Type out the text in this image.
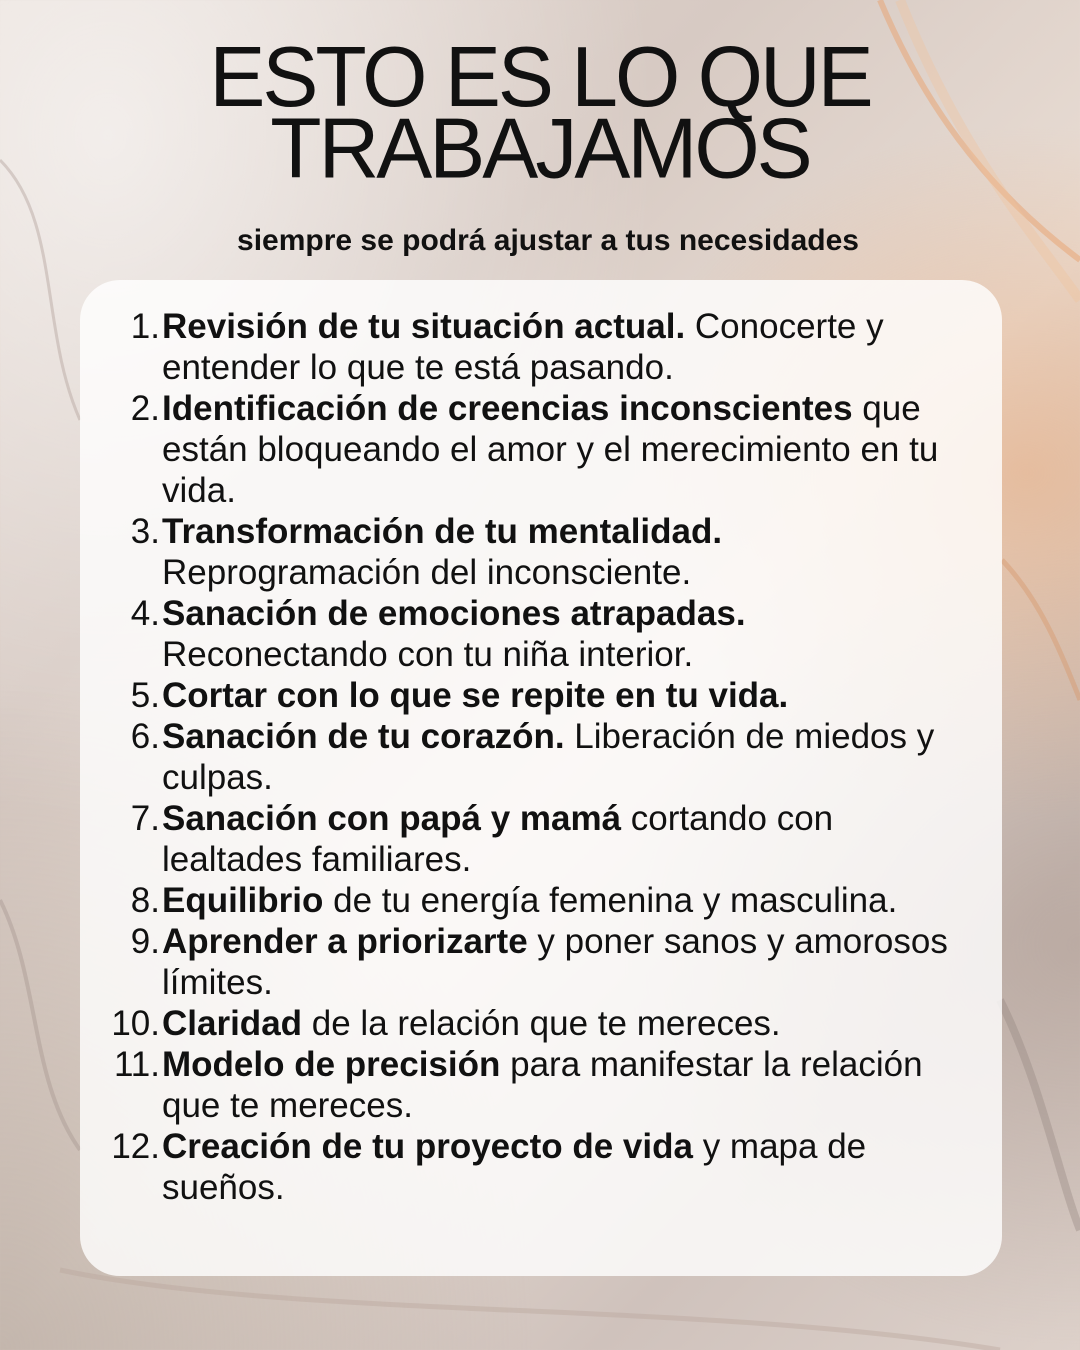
ESTO ES LO QUE
TRABAJAMOS
siempre se podrá ajustar a tus necesidades
1. Revisión de tu situación actual. Conocerte y entender lo que te está pasando.
2. Identificación de creencias inconscientes que están bloqueando el amor y el merecimiento en tu vida.
3. Transformación de tu mentalidad. Reprogramación del inconsciente.
4. Sanación de emociones atrapadas. Reconectando con tu niña interior.
5. Cortar con lo que se repite en tu vida.
6. Sanación de tu corazón. Liberación de miedos y culpas.
7. Sanación con papá y mamá cortando con lealtades familiares.
8. Equilibrio de tu energía femenina y masculina.
9. Aprender a priorizarte y poner sanos y amorosos límites.
10. Claridad de la relación que te mereces.
11. Modelo de precisión para manifestar la relación que te mereces.
12. Creación de tu proyecto de vida y mapa de sueños.
